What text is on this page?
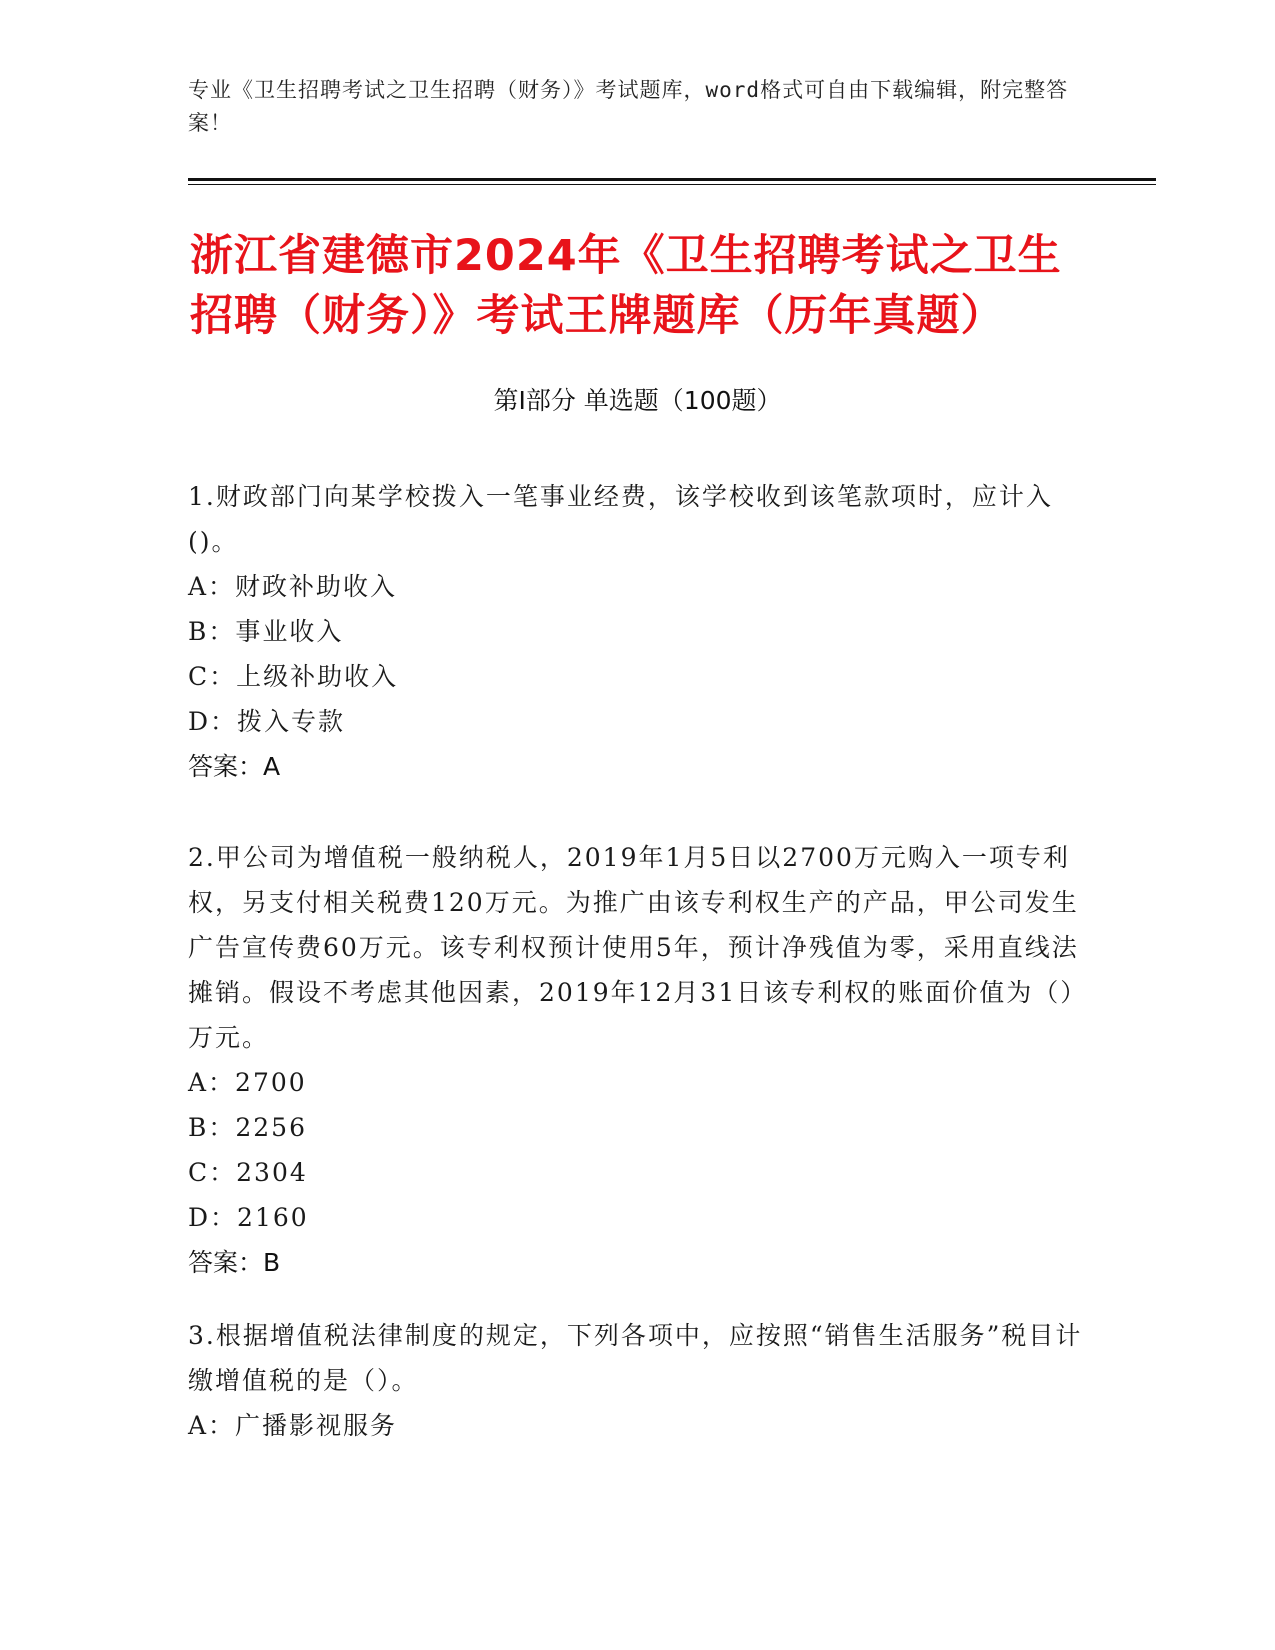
专业《卫生招聘考试之卫生招聘（财务）》考试题库，word格式可自由下载编辑，附完整答案！
浙江省建德市2024年《卫生招聘考试之卫生招聘（财务）》考试王牌题库（历年真题）
第Ⅰ部分 单选题（100题）
1.财政部门向某学校拨入一笔事业经费，该学校收到该笔款项时，应计入()。
A：财政补助收入
B：事业收入
C：上级补助收入
D：拨入专款
答案：A
2.甲公司为增值税一般纳税人，2019年1月5日以2700万元购入一项专利权，另支付相关税费120万元。为推广由该专利权生产的产品，甲公司发生广告宣传费60万元。该专利权预计使用5年，预计净残值为零，采用直线法摊销。假设不考虑其他因素，2019年12月31日该专利权的账面价值为（）万元。
A：2700
B：2256
C：2304
D：2160
答案：B
3.根据增值税法律制度的规定，下列各项中，应按照“销售生活服务”税目计缴增值税的是（）。
A：广播影视服务
